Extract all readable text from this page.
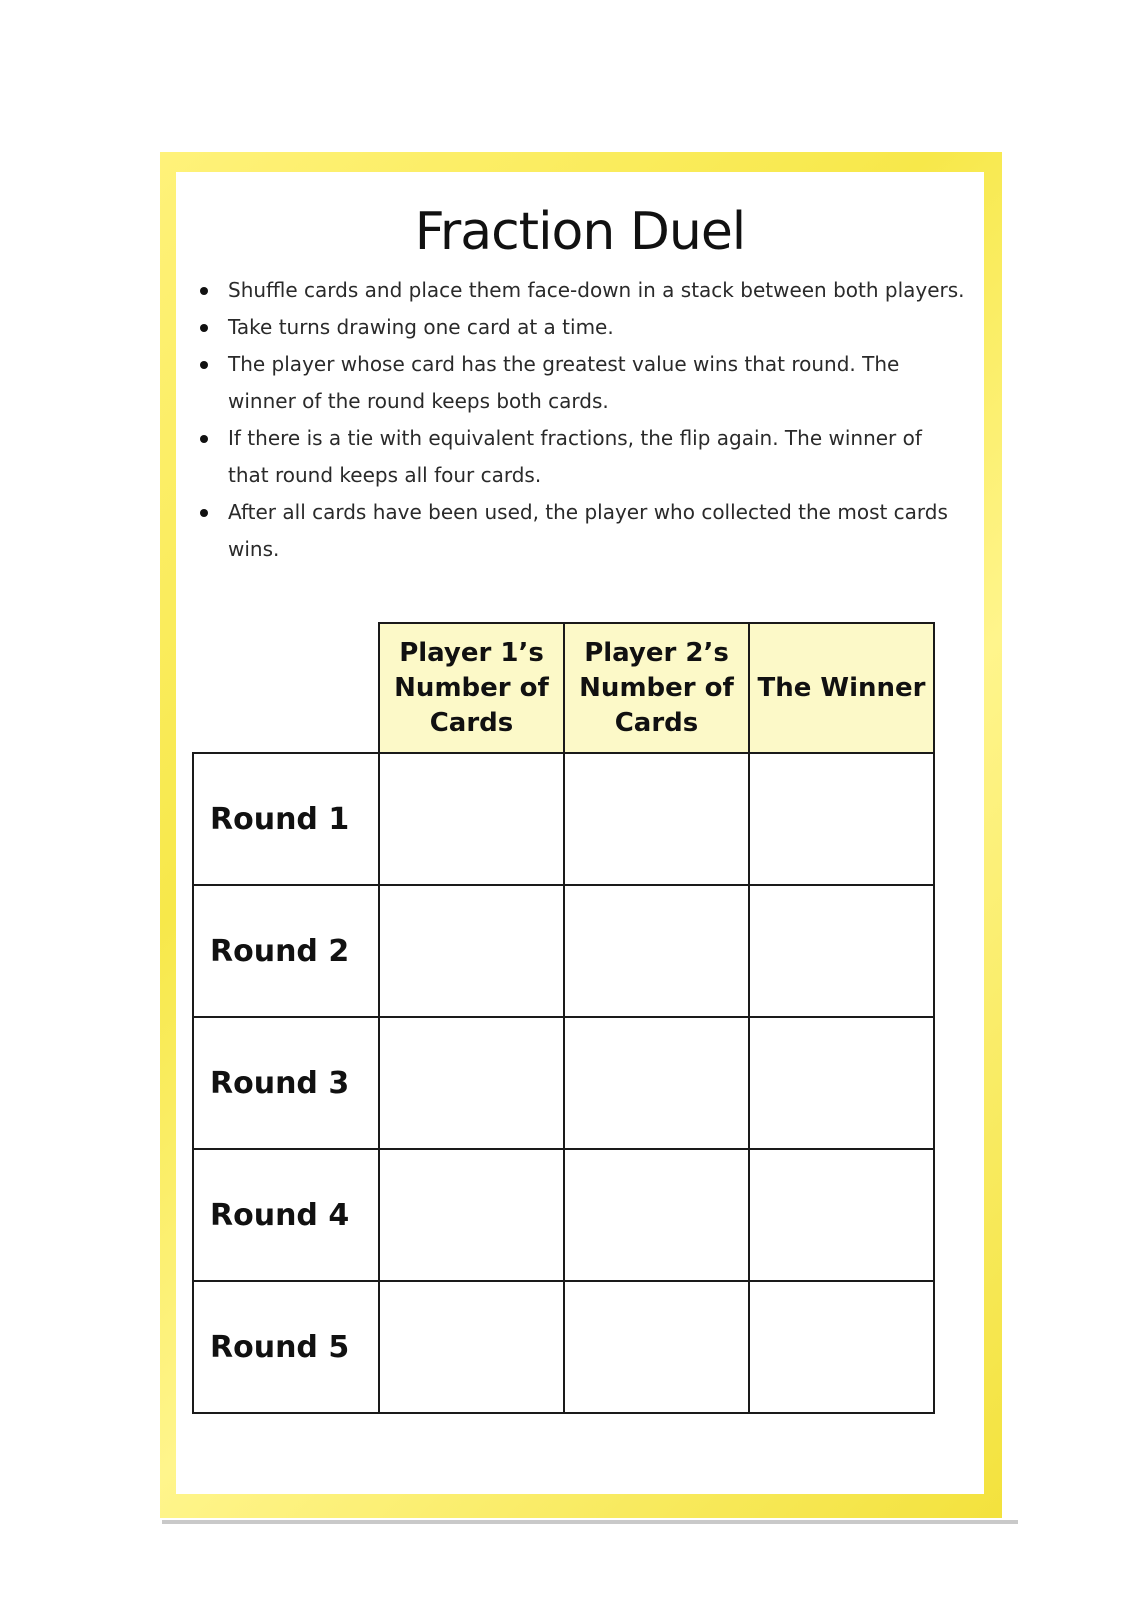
Fraction Duel
Shuffle cards and place them face-down in a stack between both players.
Take turns drawing one card at a time.
The player whose card has the greatest value wins that round. The winner of the round keeps both cards.
If there is a tie with equivalent fractions, the flip again. The winner of that round keeps all four cards.
After all cards have been used, the player who collected the most cards wins.
	Player 1’s
Number of
Cards	Player 2’s
Number of
Cards	The Winner
Round 1			
Round 2			
Round 3			
Round 4			
Round 5			
